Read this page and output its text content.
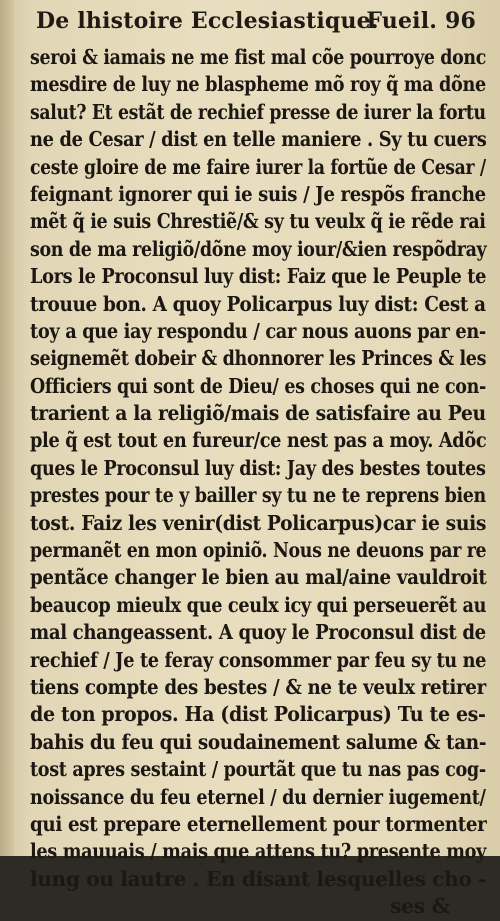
De lhistoire Ecclesiastique.
Fueil. 96
seroi & iamais ne me fist mal cõe pourroye donc
mesdire de luy ne blaspheme mõ roy q̃ ma dõne
salut? Et estãt de rechief presse de iurer la fortu
ne de Cesar / dist en telle maniere . Sy tu cuers
ceste gloire de me faire iurer la fortũe de Cesar /
feignant ignorer qui ie suis / Je respõs franche
mẽt q̃ ie suis Chrestiẽ/& sy tu veulx q̃ ie rẽde rai
son de ma religiõ/dõne moy iour/&ien respõdray
Lors le Proconsul luy dist: Faiz que le Peuple te
trouue bon. A quoy Policarpus luy dist: Cest a
toy a que iay respondu / car nous auons par en-
seignemẽt dobeir & dhonnorer les Princes & les
Officiers qui sont de Dieu/ es choses qui ne con-
trarient a la religiõ/mais de satisfaire au Peu
ple q̃ est tout en fureur/ce nest pas a moy. Adõc
ques le Proconsul luy dist: Jay des bestes toutes
prestes pour te y bailler sy tu ne te reprens bien
tost. Faiz les venir(dist Policarpus)car ie suis
permanẽt en mon opiniõ. Nous ne deuons par re
pentãce changer le bien au mal/aine vauldroit
beaucop mieulx que ceulx icy qui perseuerẽt au
mal changeassent. A quoy le Proconsul dist de
rechief / Je te feray consommer par feu sy tu ne
tiens compte des bestes / & ne te veulx retirer
de ton propos. Ha (dist Policarpus) Tu te es-
bahis du feu qui soudainement salume & tan-
tost apres sestaint / pourtãt que tu nas pas cog-
noissance du feu eternel / du dernier iugement/
qui est prepare eternellement pour tormenter
les mauuais / mais que attens tu? presente moy
lung ou lautre . En disant lesquelles cho -
ses &
